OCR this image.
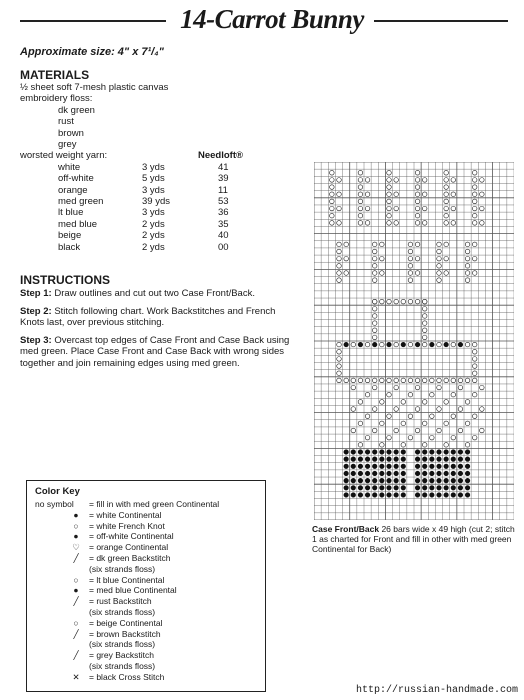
14-Carrot Bunny
Approximate size: 4" x 7¹/₄"
MATERIALS
½ sheet soft 7-mesh plastic canvas
embroidery floss:
dk green
rust
brown
grey
worsted weight yarn:	Needloft®
white	3 yds	41
off-white	5 yds	39
orange	3 yds	11
med green	39 yds	53
lt blue	3 yds	36
med blue	2 yds	35
beige	2 yds	40
black	2 yds	00
INSTRUCTIONS
Step 1: Draw outlines and cut out two Case Front/Back.
Step 2: Stitch following chart. Work Backstitches and French Knots last, over previous stitching.
Step 3: Overcast top edges of Case Front and Case Back using med green. Place Case Front and Case Back with wrong sides together and join remaining edges using med green.
Color Key
no symbol = fill in with med green Continental
●	= white Continental
○	= white French Knot
●	= off-white Continental
♡	= orange Continental
╱	= dk green Backstitch
(six strands floss)
○	= lt blue Continental
●	= med blue Continental
╱	= rust Backstitch
(six strands floss)
○	= beige Continental
╱	= brown Backstitch
(six strands floss)
╱	= grey Backstitch
(six strands floss)
✕	= black Cross Stitch
Case Front/Back 26 bars wide x 49 high (cut 2; stitch 1 as charted for Front and fill in other with med green Continental for Back)
http://russian-handmade.com
